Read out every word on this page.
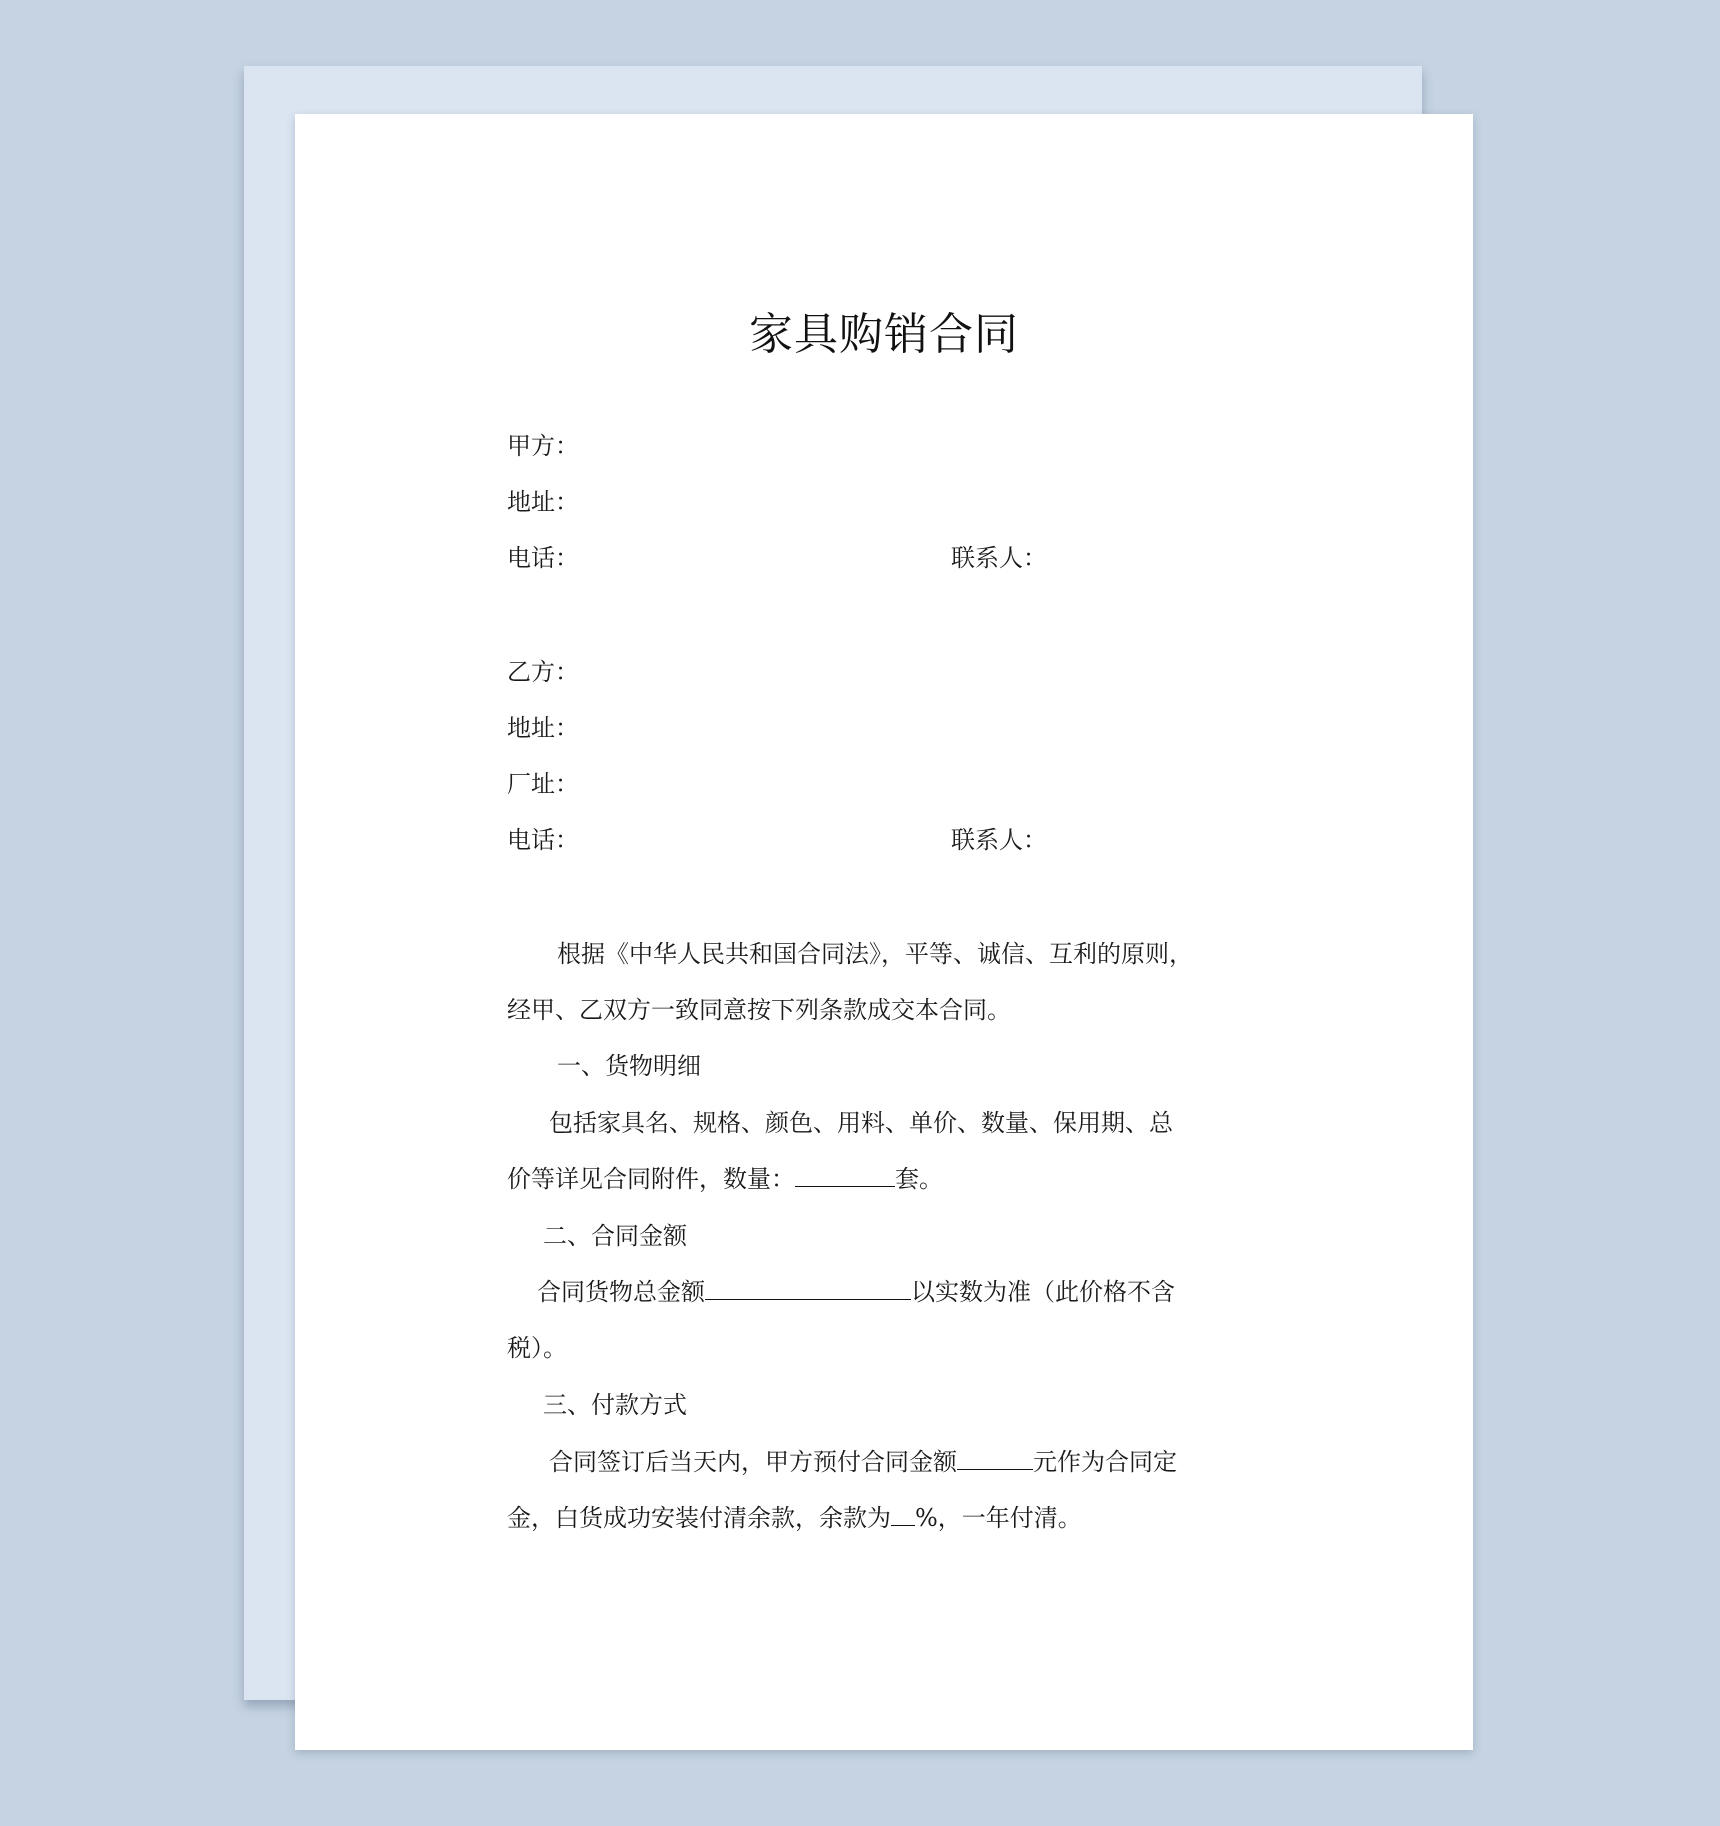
家具购销合同
甲方：
地址：
电话：	联系人：
乙方：
地址：
厂址：
电话：	联系人：
根据《中华人民共和国合同法》，平等、诚信、互利的原则，
经甲、乙双方一致同意按下列条款成交本合同。
一、货物明细
包括家具名、规格、颜色、用料、单价、数量、保用期、总
价等详见合同附件，数量：	套。
二、合同金额
合同货物总金额	以实数为准（此价格不含
税）。
三、付款方式
合同签订后当天内，甲方预付合同金额	元作为合同定
金，白货成功安装付清余款，余款为 %，一年付清。
